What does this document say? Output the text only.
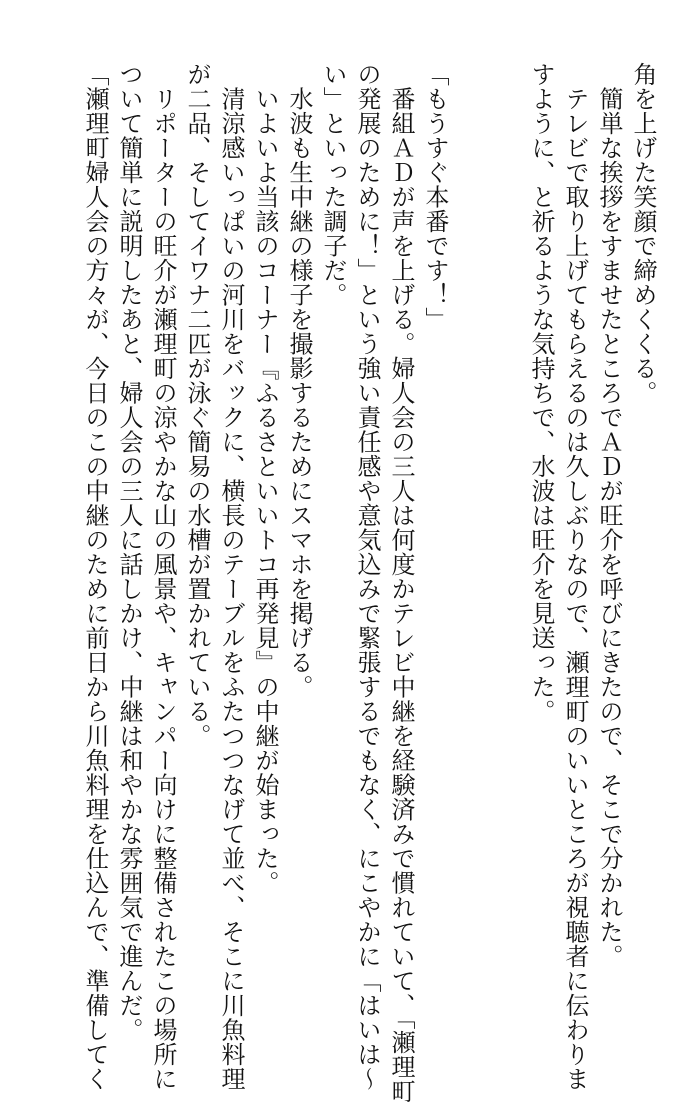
角を上げた笑顔で締めくくる。
　簡単な挨拶をすませたところでＡＤが旺介を呼びにきたので、そこで分かれた。
　テレビで取り上げてもらえるのは久しぶりなので、瀬理町のいいところが視聴者に伝わりま
すように、と祈るような気持ちで、水波は旺介を見送った。
「もうすぐ本番です！」
　番組ＡＤが声を上げる。婦人会の三人は何度かテレビ中継を経験済みで慣れていて、「瀬理町
の発展のために！」という強い責任感や意気込みで緊張するでもなく、にこやかに「はいは～
い」といった調子だ。
　水波も生中継の様子を撮影するためにスマホを掲げる。
　いよいよ当該のコーナー『ふるさといいトコ再発見』の中継が始まった。
　清涼感いっぱいの河川をバックに、横長のテーブルをふたつつなげて並べ、そこに川魚料理
が二品、そしてイワナ二匹が泳ぐ簡易の水槽が置かれている。
　リポーターの旺介が瀬理町の涼やかな山の風景や、キャンパー向けに整備されたこの場所に
ついて簡単に説明したあと、婦人会の三人に話しかけ、中継は和やかな雰囲気で進んだ。
「瀬理町婦人会の方々が、今日のこの中継のために前日から川魚料理を仕込んで、準備してく
